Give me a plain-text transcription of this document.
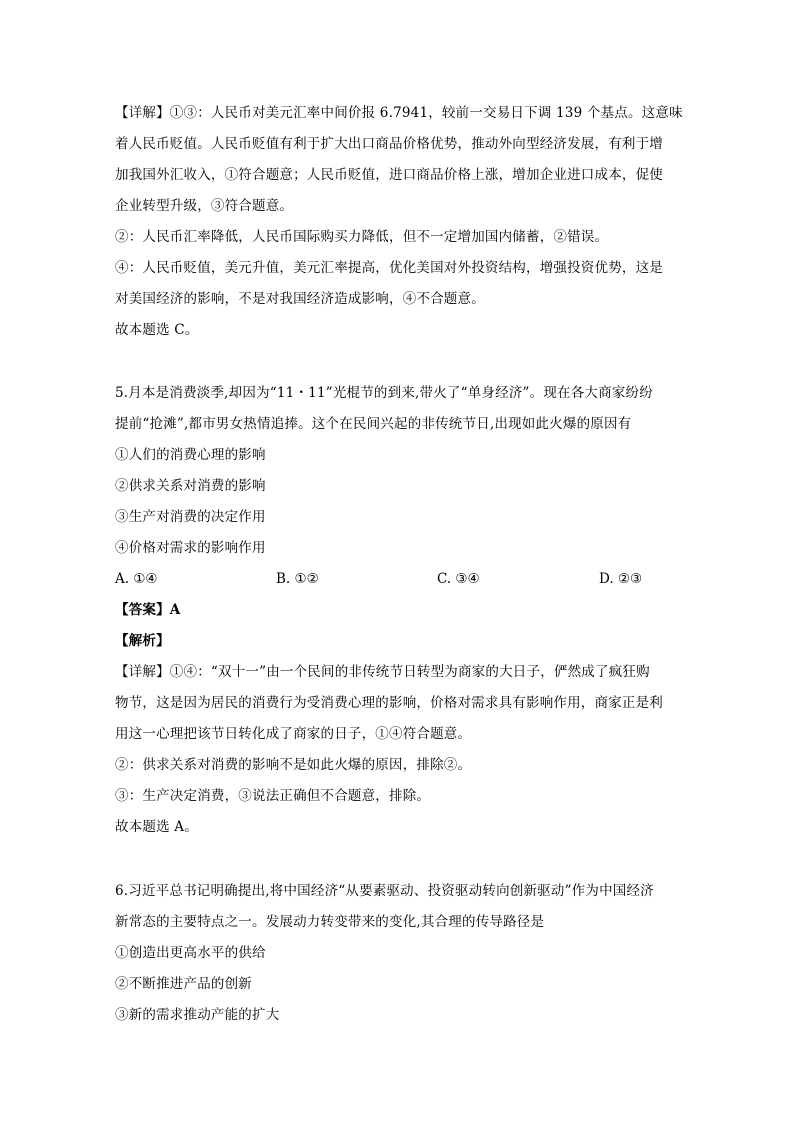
【详解】①③：人民币对美元汇率中间价报 6.7941，较前一交易日下调 139 个基点。这意味
着人民币贬值。人民币贬值有利于扩大出口商品价格优势，推动外向型经济发展，有利于增
加我国外汇收入，①符合题意；人民币贬值，进口商品价格上涨，增加企业进口成本，促使
企业转型升级，③符合题意。
②：人民币汇率降低，人民币国际购买力降低，但不一定增加国内储蓄，②错误。
④：人民币贬值，美元升值，美元汇率提高，优化美国对外投资结构，增强投资优势，这是
对美国经济的影响，不是对我国经济造成影响，④不合题意。
故本题选 C。
5.月本是消费淡季,却因为“11・11”光棍节的到来,带火了“单身经济”。现在各大商家纷纷
提前“抢滩”,都市男女热情追捧。这个在民间兴起的非传统节日,出现如此火爆的原因有
①人们的消费心理的影响
②供求关系对消费的影响
③生产对消费的决定作用
④价格对需求的影响作用
A. ①④	B. ①②	C. ③④	D. ②③
【答案】A
【解析】
【详解】①④：“双十一”由一个民间的非传统节日转型为商家的大日子，俨然成了疯狂购
物节，这是因为居民的消费行为受消费心理的影响，价格对需求具有影响作用，商家正是利
用这一心理把该节日转化成了商家的日子，①④符合题意。
②：供求关系对消费的影响不是如此火爆的原因，排除②。
③：生产决定消费，③说法正确但不合题意，排除。
故本题选 A。
6.习近平总书记明确提出,将中国经济“从要素驱动、投资驱动转向创新驱动”作为中国经济
新常态的主要特点之一。发展动力转变带来的变化,其合理的传导路径是
①创造出更高水平的供给
②不断推进产品的创新
③新的需求推动产能的扩大
